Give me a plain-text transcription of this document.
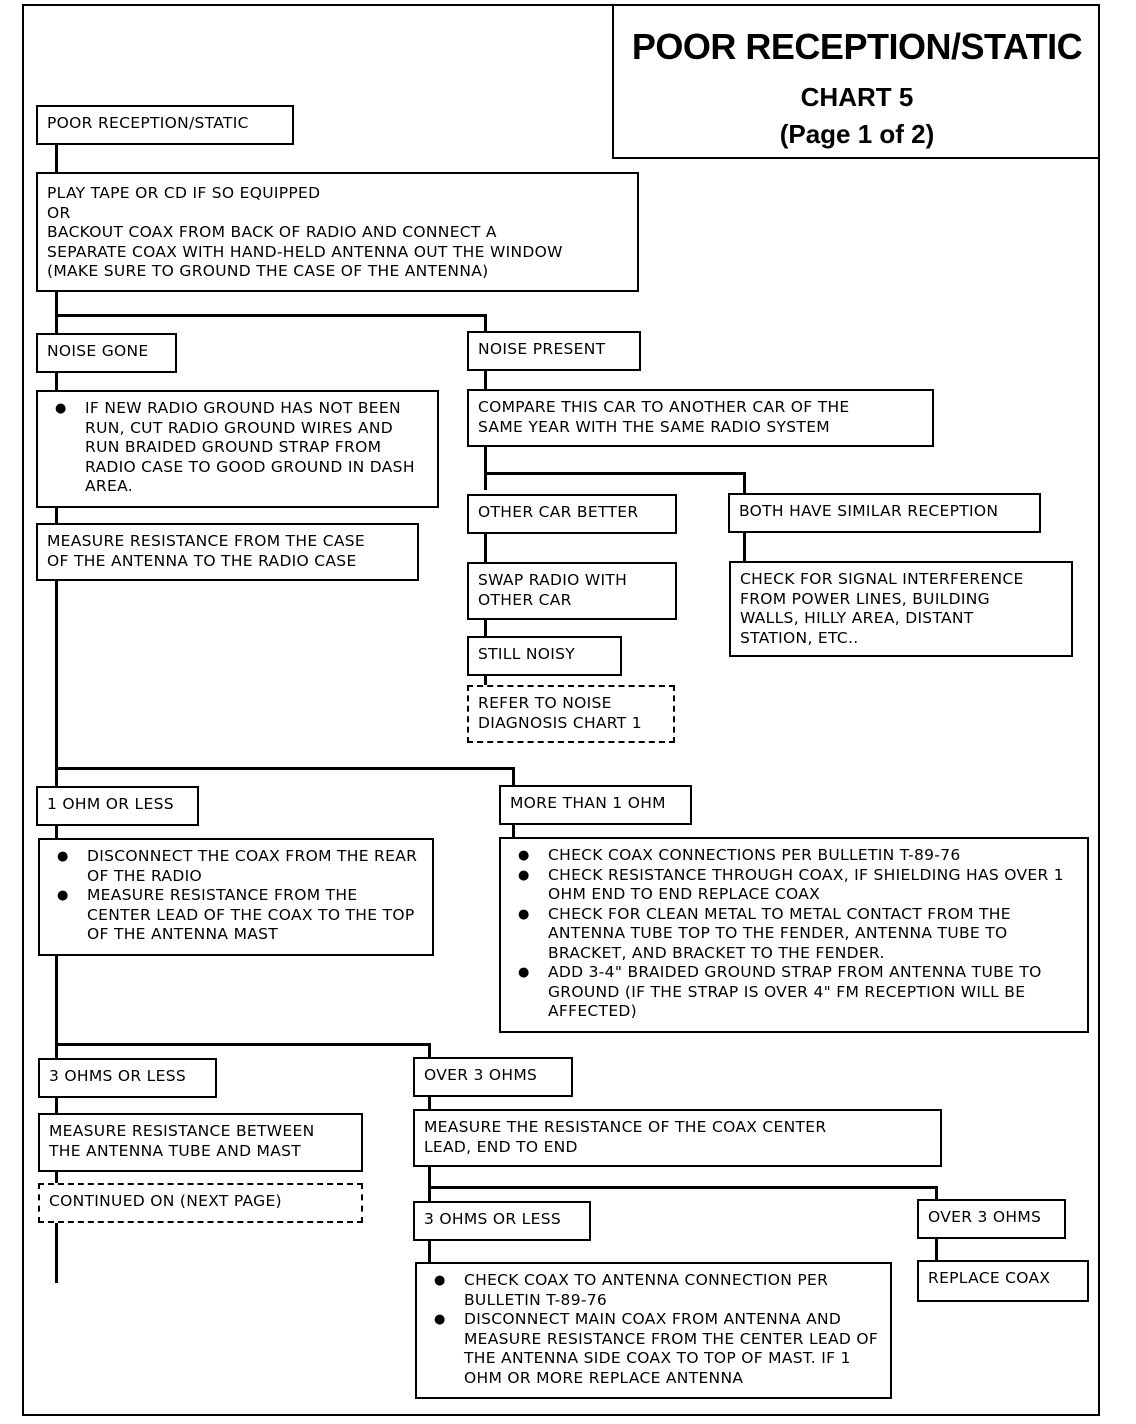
POOR RECEPTION/STATIC
CHART 5
(Page 1 of 2)
POOR RECEPTION/STATIC
PLAY TAPE OR CD IF SO EQUIPPED
OR
BACKOUT COAX FROM BACK OF RADIO AND CONNECT A
SEPARATE COAX WITH HAND-HELD ANTENNA OUT THE WINDOW
(MAKE SURE TO GROUND THE CASE OF THE ANTENNA)
NOISE GONE	NOISE PRESENT
● IF NEW RADIO GROUND HAS NOT BEEN RUN, CUT RADIO GROUND WIRES AND RUN BRAIDED GROUND STRAP FROM RADIO CASE TO GOOD GROUND IN DASH AREA.
COMPARE THIS CAR TO ANOTHER CAR OF THE
SAME YEAR WITH THE SAME RADIO SYSTEM
MEASURE RESISTANCE FROM THE CASE
OF THE ANTENNA TO THE RADIO CASE
OTHER CAR BETTER	BOTH HAVE SIMILAR RECEPTION
SWAP RADIO WITH
OTHER CAR
CHECK FOR SIGNAL INTERFERENCE
FROM POWER LINES, BUILDING
WALLS, HILLY AREA, DISTANT
STATION, ETC..
STILL NOISY
REFER TO NOISE
DIAGNOSIS CHART 1
1 OHM OR LESS	MORE THAN 1 OHM
● DISCONNECT THE COAX FROM THE REAR OF THE RADIO
● MEASURE RESISTANCE FROM THE CENTER LEAD OF THE COAX TO THE TOP OF THE ANTENNA MAST
● CHECK COAX CONNECTIONS PER BULLETIN T-89-76
● CHECK RESISTANCE THROUGH COAX, IF SHIELDING HAS OVER 1 OHM END TO END REPLACE COAX
● CHECK FOR CLEAN METAL TO METAL CONTACT FROM THE ANTENNA TUBE TOP TO THE FENDER, ANTENNA TUBE TO BRACKET, AND BRACKET TO THE FENDER.
● ADD 3-4" BRAIDED GROUND STRAP FROM ANTENNA TUBE TO GROUND (IF THE STRAP IS OVER 4" FM RECEPTION WILL BE AFFECTED)
3 OHMS OR LESS	OVER 3 OHMS
MEASURE RESISTANCE BETWEEN
THE ANTENNA TUBE AND MAST
MEASURE THE RESISTANCE OF THE COAX CENTER
LEAD, END TO END
CONTINUED ON (NEXT PAGE)
3 OHMS OR LESS	OVER 3 OHMS
● CHECK COAX TO ANTENNA CONNECTION PER BULLETIN T-89-76
● DISCONNECT MAIN COAX FROM ANTENNA AND MEASURE RESISTANCE FROM THE CENTER LEAD OF THE ANTENNA SIDE COAX TO TOP OF MAST. IF 1 OHM OR MORE REPLACE ANTENNA
REPLACE COAX
